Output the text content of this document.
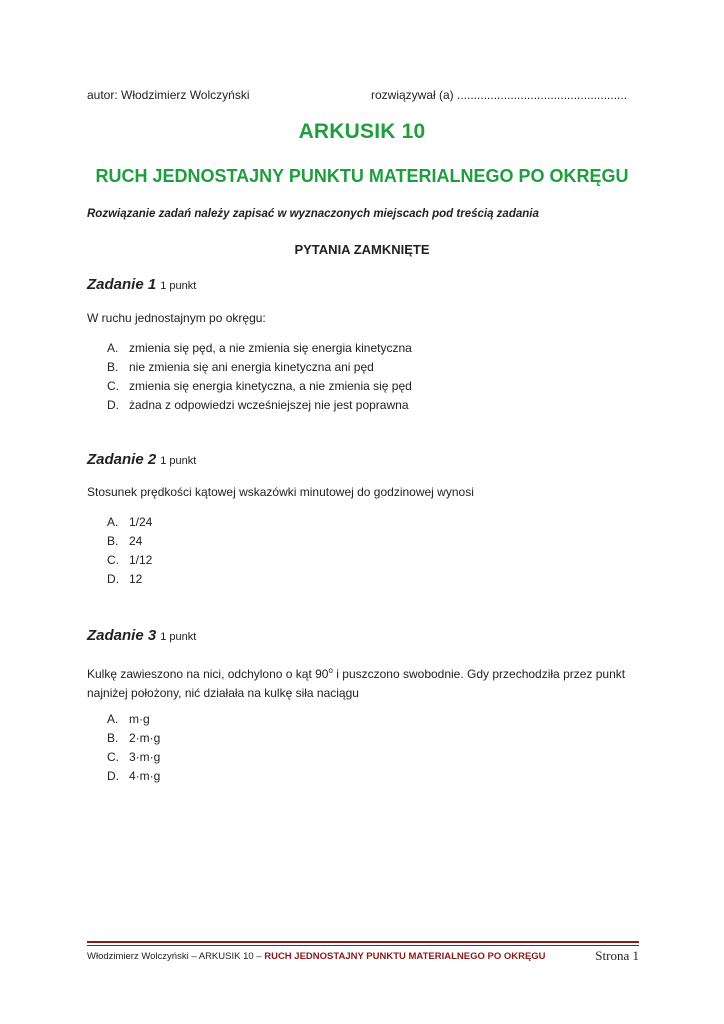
autor: Włodzimierz Wolczyński	rozwiązywał (a) ...................................................
ARKUSIK 10
RUCH JEDNOSTAJNY PUNKTU MATERIALNEGO PO OKRĘGU
Rozwiązanie zadań należy zapisać w wyznaczonych miejscach pod treścią zadania
PYTANIA ZAMKNIĘTE
Zadanie 1 1 punkt
W ruchu jednostajnym po okręgu:
A. zmienia się pęd, a nie zmienia się energia kinetyczna
B. nie zmienia się ani energia kinetyczna ani pęd
C. zmienia się energia kinetyczna, a nie zmienia się pęd
D. żadna z odpowiedzi wcześniejszej nie jest poprawna
Zadanie 2 1 punkt
Stosunek prędkości kątowej wskazówki minutowej do godzinowej wynosi
A. 1/24
B. 24
C. 1/12
D. 12
Zadanie 3 1 punkt
Kulkę zawieszono na nici, odchylono o kąt 90$^o$ i puszczono swobodnie. Gdy przechodziła przez punkt najniżej położony, nić działała na kulkę siła naciągu
A. m·g
B. 2·m·g
C. 3·m·g
D. 4·m·g
Włodzimierz Wolczyński – ARKUSIK 10 – RUCH JEDNOSTAJNY PUNKTU MATERIALNEGO PO OKRĘGU	Strona 1
